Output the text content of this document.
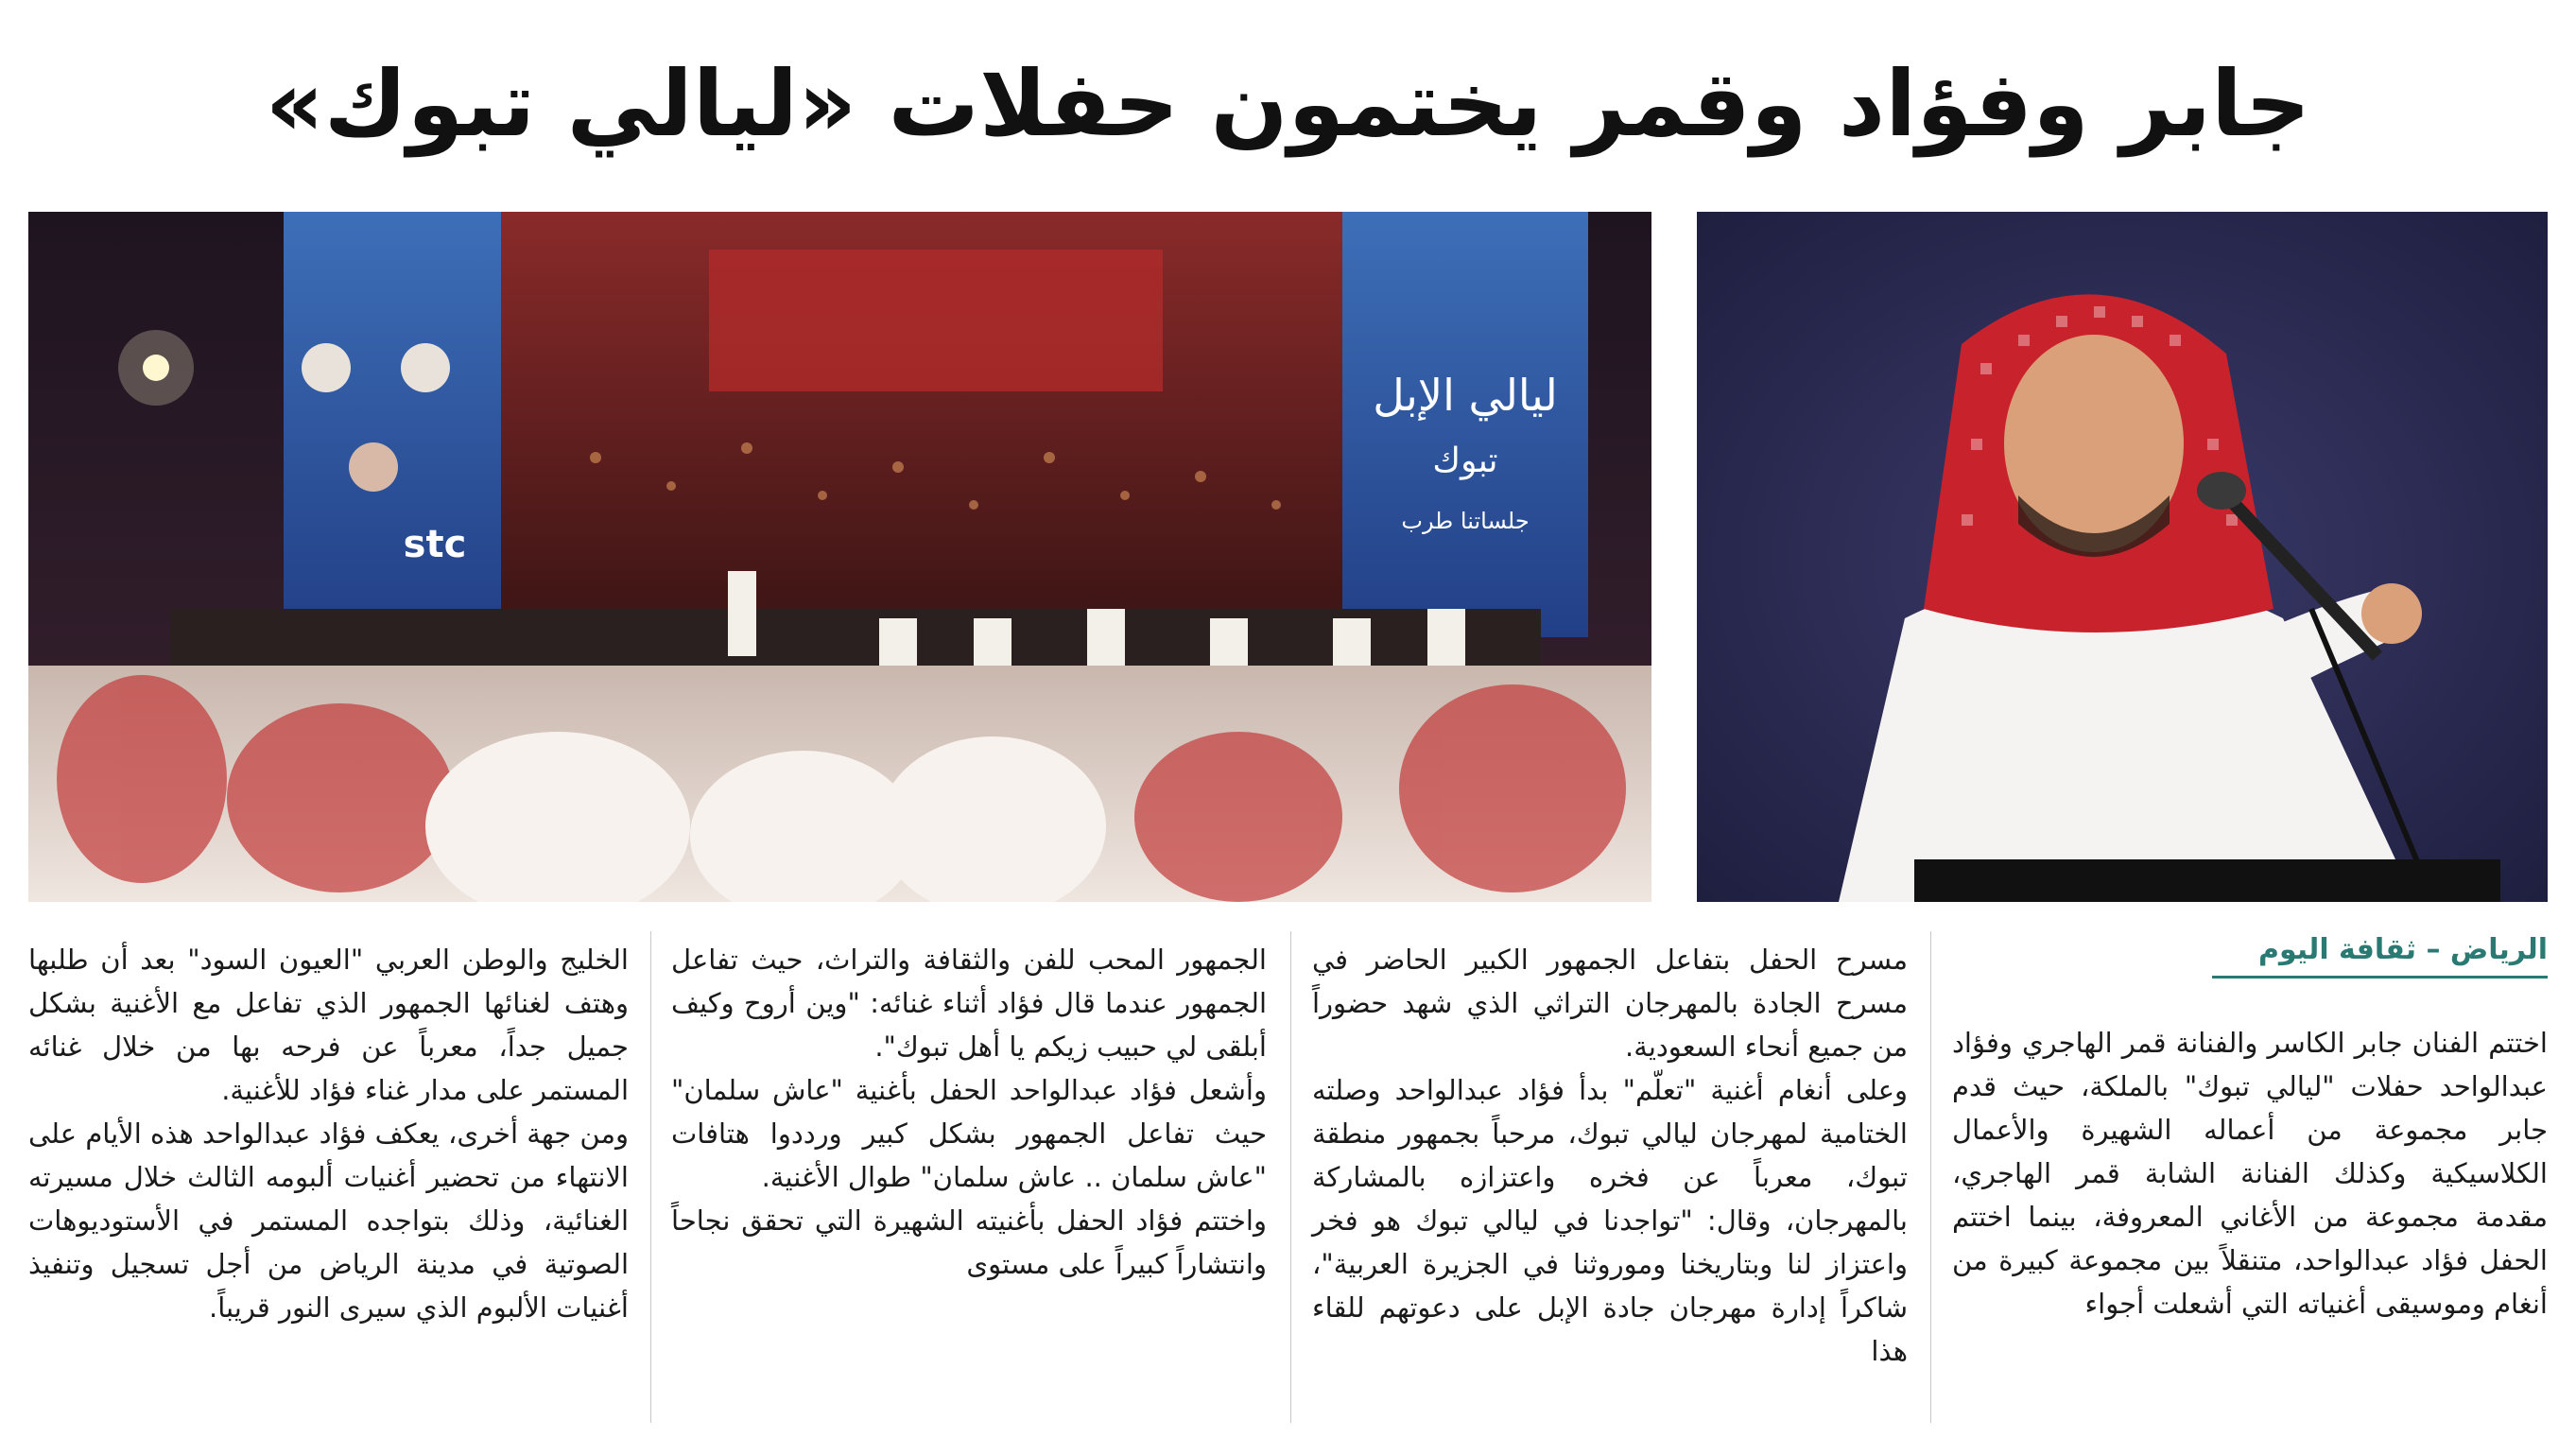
جابر وفؤاد وقمر يختمون حفلات «ليالي تبوك»
ليالي الإبل
تبوك
جلساتنا طرب
stc
الرياض – ثقافة اليوم

اختتم الفنان جابر الكاسر والفنانة قمر الهاجري وفؤاد عبدالواحد حفلات "ليالي تبوك" بالملكة، حيث قدم جابر مجموعة من أعماله الشهيرة والأعمال الكلاسيكية وكذلك الفنانة الشابة قمر الهاجري، مقدمة مجموعة من الأغاني المعروفة، بينما اختتم الحفل فؤاد عبدالواحد، متنقلاً بين مجموعة كبيرة من أنغام وموسيقى أغنياته التي أشعلت أجواء

مسرح الحفل بتفاعل الجمهور الكبير الحاضر في مسرح الجادة بالمهرجان التراثي الذي شهد حضوراً من جميع أنحاء السعودية.

وعلى أنغام أغنية "تعلّم" بدأ فؤاد عبدالواحد وصلته الختامية لمهرجان ليالي تبوك، مرحباً بجمهور منطقة تبوك، معرباً عن فخره واعتزازه بالمشاركة بالمهرجان، وقال: "تواجدنا في ليالي تبوك هو فخر واعتزاز لنا وبتاريخنا وموروثنا في الجزيرة العربية"، شاكراً إدارة مهرجان جادة الإبل على دعوتهم للقاء هذا

الجمهور المحب للفن والثقافة والتراث، حيث تفاعل الجمهور عندما قال فؤاد أثناء غنائه: "وين أروح وكيف أبلقى لي حبيب زيكم يا أهل تبوك".

وأشعل فؤاد عبدالواحد الحفل بأغنية "عاش سلمان" حيث تفاعل الجمهور بشكل كبير ورددوا هتافات "عاش سلمان .. عاش سلمان" طوال الأغنية.

واختتم فؤاد الحفل بأغنيته الشهيرة التي تحقق نجاحاً وانتشاراً كبيراً على مستوى

الخليج والوطن العربي "العيون السود" بعد أن طلبها وهتف لغنائها الجمهور الذي تفاعل مع الأغنية بشكل جميل جداً، معرباً عن فرحه بها من خلال غنائه المستمر على مدار غناء فؤاد للأغنية.

ومن جهة أخرى، يعكف فؤاد عبدالواحد هذه الأيام على الانتهاء من تحضير أغنيات ألبومه الثالث خلال مسيرته الغنائية، وذلك بتواجده المستمر في الأستوديوهات الصوتية في مدينة الرياض من أجل تسجيل وتنفيذ أغنيات الألبوم الذي سيرى النور قريباً.
